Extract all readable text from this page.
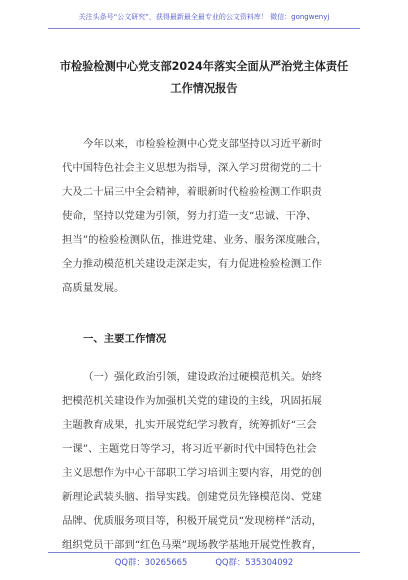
关注头条号“公文研究”，获得最新最全最专业的公文资料库！ 微信：gongwenyj
市检验检测中心党支部2024年落实全面从严治党主体责任
工作情况报告
今年以来，市检验检测中心党支部坚持以习近平新时
代中国特色社会主义思想为指导，深入学习贯彻党的二十
大及二十届三中全会精神，着眼新时代检验检测工作职责
使命，坚持以党建为引领，努力打造一支“忠诚、干净、
担当”的检验检测队伍，推进党建、业务、服务深度融合，
全力推动模范机关建设走深走实，有力促进检验检测工作
高质量发展。
一、主要工作情况
（一）强化政治引领，建设政治过硬模范机关。始终
把模范机关建设作为加强机关党的建设的主线，巩固拓展
主题教育成果，扎实开展党纪学习教育，统筹抓好“三会
一课”、主题党日等学习，将习近平新时代中国特色社会
主义思想作为中心干部职工学习培训主要内容，用党的创
新理论武装头脑、指导实践。创建党员先锋模范岗、党建
品牌、优质服务项目等，积极开展党员“发现榜样”活动，
组织党员干部到“红色马栗”现场教学基地开展党性教育，
QQ群：30265665	QQ群：535304092
